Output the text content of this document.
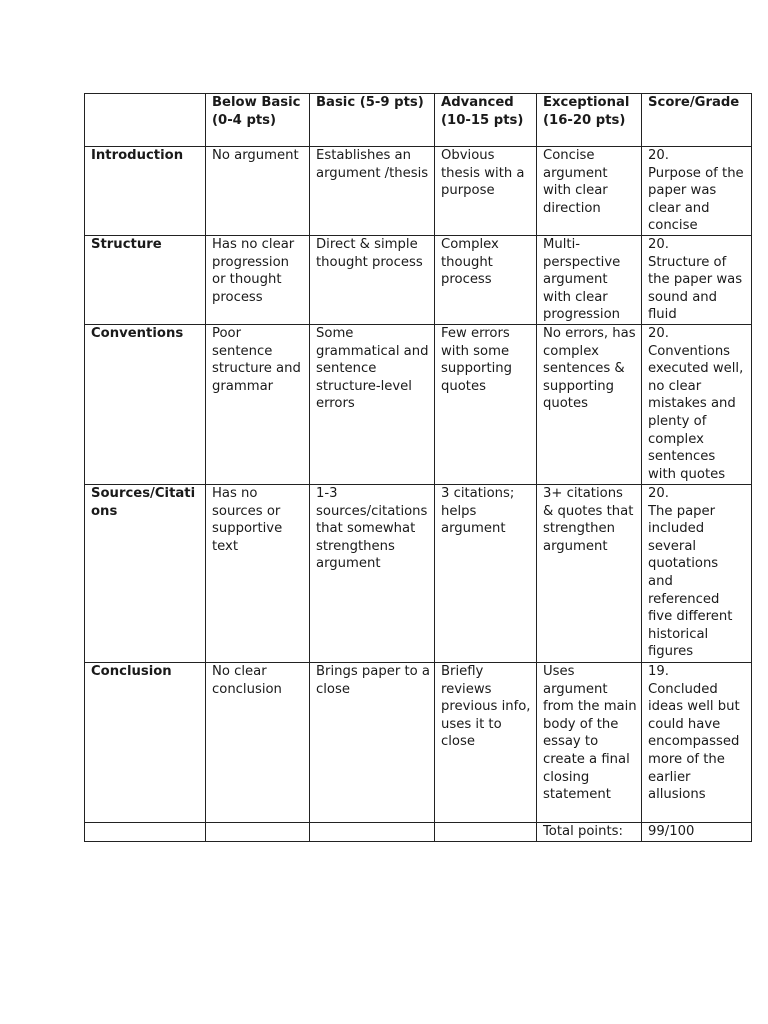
	Below Basic (0-4 pts)	Basic (5-9 pts)	Advanced (10-15 pts)	Exceptional (16-20 pts)	Score/Grade
Introduction	No argument	Establishes an argument /thesis	Obvious thesis with a purpose	Concise argument with clear direction	20.
Purpose of the paper was clear and concise

Structure	Has no clear progression or thought process	Direct & simple thought process	Complex thought process	Multi-perspective argument with clear progression	20.
Structure of the paper was sound and fluid

Conventions	Poor sentence structure and grammar	Some grammatical and sentence structure-level errors	Few errors with some supporting quotes	No errors, has complex sentences & supporting quotes	20.
Conventions executed well, no clear mistakes and plenty of complex sentences with quotes

Sources/Citations	Has no sources or supportive text	1-3 sources/citations that somewhat strengthens argument	3 citations; helps argument	3+ citations & quotes that strengthen argument	20.
The paper included several quotations and referenced five different historical figures

Conclusion	No clear conclusion	Brings paper to a close	Briefly reviews previous info, uses it to close	Uses argument from the main body of the essay to create a final closing statement	19.
Concluded ideas well but could have encompassed more of the earlier allusions

				Total points:	99/100
